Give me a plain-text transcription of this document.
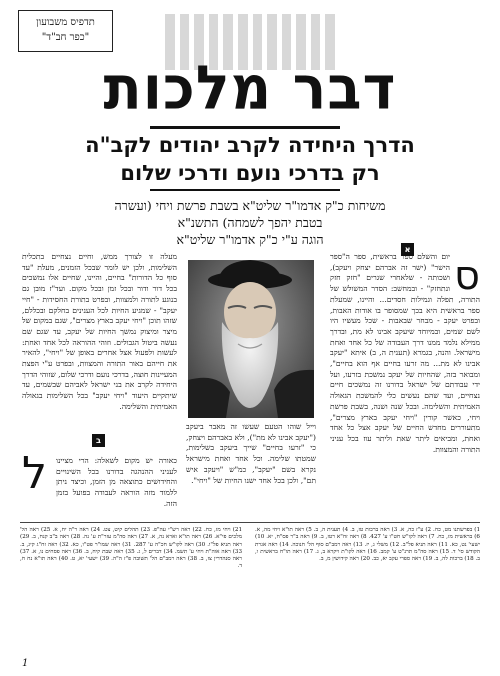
תדפיס משבועון
"כפר חב"ד"
דבר מלכות
הדרך היחידה לקרב יהודים לקב"ה
רק בדרכי נועם ודרכי שלום
משיחות כ"ק אדמו"ר שליט"א בשבת פרשת ויחי (ועשרה
בטבת יהפך לשמחה) התשנ"א
הוגה ע"י כ"ק אדמו"ר שליט"א
א
ב
ס
יום והשלם ספר בראשית, ספר ה"ספר הישר" (ישר זה אברהם יצחק ויעקב), ושכותה - שלאחרי שגרים "חזק חזק ונתחזק" - ובמחשב: הסדר המשולש של התורה, תפלה וגמילות חסדים... והיינו, שמעלת ספר בראשית היא בכך שמסופר בו אודות האבות, ובפרט יעקב - מבחר שבאבות - שכל מעשיו היו לשם שמים, ובמיוחד שיעקב אבינו לא מת, ובדרך ממילא נלמד ממנו דרך העבודה של כל אחד ואחת מישראל. והנה, בגמרא (תענית ה, ב) איתא "יעקב אבינו לא מת... מה זרעו בחיים אף הוא בחיים", ומבואר בזה, שהחיות של יעקב נמשכת בזרעו, ועל ידי עבודתם של ישראל בדורנו זה נמשכים חיים נצחיים, ועד שהם נעשים כלי להמשכת הגאולה האמיתית והשלימה. ובכל שנה ושנה, בשבת פרשת ויחי, כאשר קורין "ויחי יעקב בארץ מצרים", מתעוררים מחדש החיים של יעקב אצל כל אחד ואחת, ומביאים ליתר שאת וליתר עוז בכל עניני התורה והמצוות.
וייל שוהו הטעם שעשו זה מאבר ביעקב ("יעקב אבינו לא מת"), ולא באברהם ויצחק, כי "זרעו בחיים" שייך ביעקב בשלימות, שמטתו שלימה. וכל אחד ואחת מישראל נקרא בשם "יעקב", כמ"ש "ויעקב איש תם", ולכן בכל אחד ישנו החיות של "ויחי".
מעלה זו לצורך ממש, וחיים נצחיים בתכלית השלימות, ולכן יש לומר שבכל הזמנים, מעלת "עד סוף כל הדורות" בחיים, והיינו, שחיים אלו נמשכים בכל דור ודור ובכל זמן ובכל מקום. ועד"ז מובן גם בנוגע לתורה ולמצוות, ובפרט בתורת החסידות - "חיי יעקב" - שמגיע החיות לכל הענינים בחלקם ובכללם, שזהו תוכן "ויחי יעקב בארץ מצרים", שגם במקום של מיצר ומיצוק נמשך החיות של יעקב, עד שגם שם נעשה ביטול הגבולים. וזוהי ההוראה לכל אחד ואחת: לעשות ולפעול אצל אחרים באופן של "ויחי", להאיר את חייהם באור התורה והמצוות, ובפרט ע"י הפצת המעיינות חוצה, בדרכי נועם ודרכי שלום, שזוהי הדרך היחידה לקרב את בני ישראל לאביהם שבשמים, עד שיתקיים היעוד "ויחי יעקב" בכל השלימות בגאולה האמיתית והשלימה.
כאורה יש מקום לשאלה: הרי מציינו לעניני ההנהגה בדורנו בכל השינויים והחידושים כתוצאה מן הזמן, וכיצד ניתן ללמוד מזה הוראה לעבודה בפועל בזמן הזה.
ל
1) בפרשתנו מט, כח. 2) ע"ז כה, א. 3) ראה ברכות טז, ב. 4) תענית ה, ב. 5) ראה תו"א ויחי מה, א. 6) בראשית מז, כח. 7) ראה לקו"ש חט"ו ע' 427. 8) ראה זח"א רטז, ב. 9) ראה ב"ר פס"ח, יא. 10) ישעי' נט, כא. 11) ראה תניא פל"ב. 12) משלי ג, יז. 13) ראה רמב"ם סוף הל' חנוכה. 14) ראה אגרת הקודש סי' ד. 15) ראה סה"מ תרנ"ט ע' קמב. 16) ראה לקו"ת ויקרא ב, ג. 17) ראה תו"ח בראשית ו, ב. 18) ברכות לה, ב. 19) ראה ספרי עקב יא, כב. 20) ראה קידושין מ, ב.
21) ויחי מז, כח. 22) ראה רש"י עה"פ. 23) תהלים קיט, צט. 24) ראה ר"ה יח, א. 25) ראה הל' מלכים פי"א. 26) ראה תו"א וארא נה, א. 27) ראה סה"מ עזר"ת ע' נה. 28) ראה ב"ב קנח, ב. 29) ראה תניא פל"ו. 30) ראה לקו"ש חכ"ה ע' 287. 31) ראה שמו"ר פט"ו, כא. 32) ראה זח"ג קיג, ב. 33) ראה אוה"ת ויחי ע' תשמ. 34) דברים ל, ג. 35) ראה שבת קיח, ב. 36) ראה פסחים נו, א. 37) ראה סנהדרין צז, ב. 38) ראה רמב"ם הל' תשובה פ"ז ה"ה. 39) ישעי' יא, ט. 40) ראה תו"א נח ח, ד.
1
